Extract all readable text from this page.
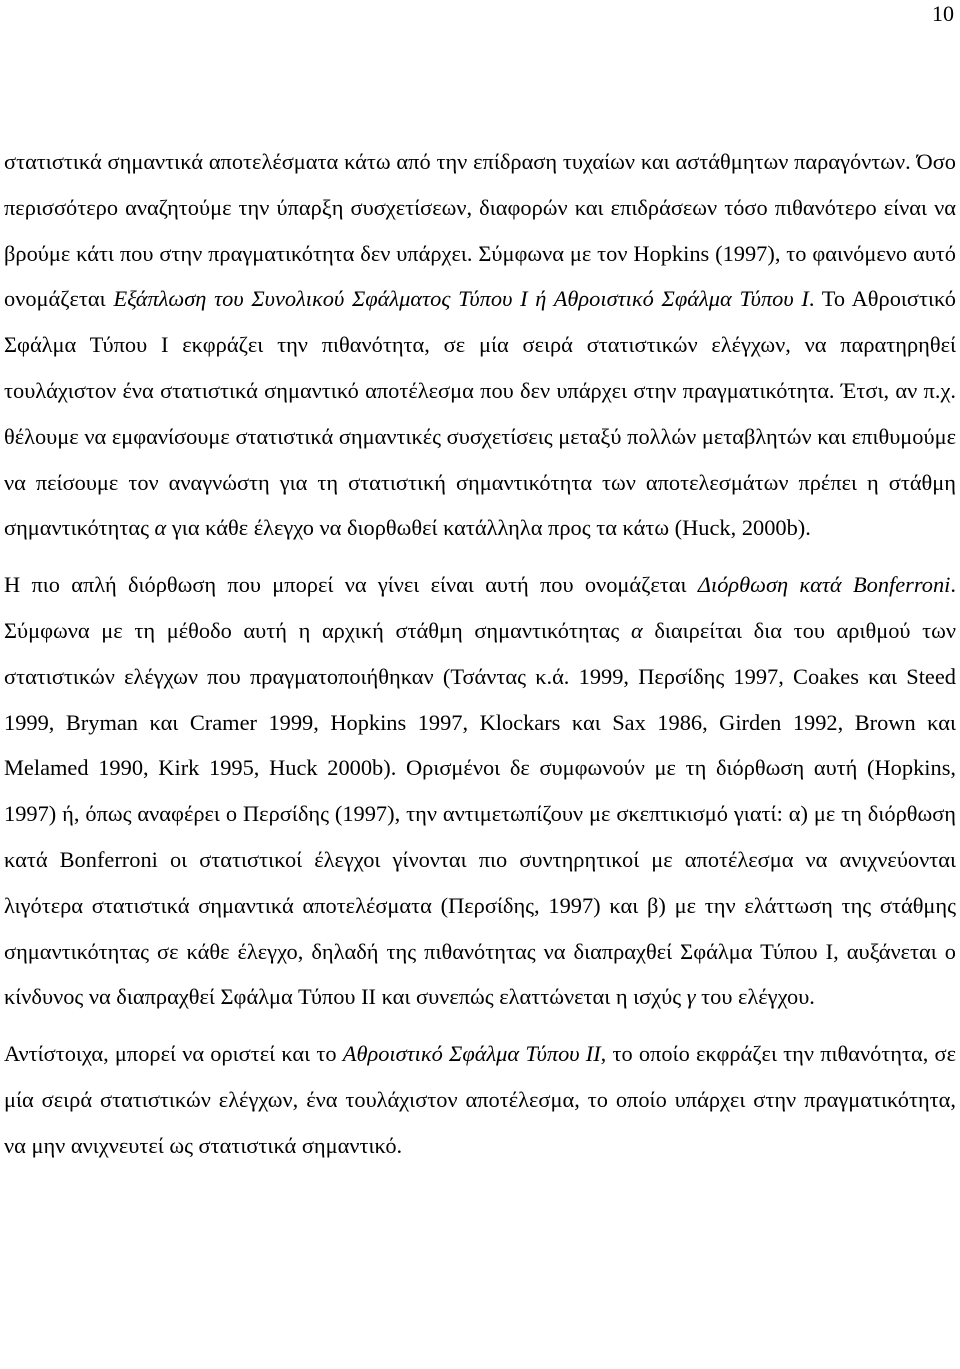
10

στατιστικά σημαντικά αποτελέσματα κάτω από την επίδραση τυχαίων και αστάθμητων παραγόντων. Όσο περισσότερο αναζητούμε την ύπαρξη συσχετίσεων, διαφορών και επιδράσεων τόσο πιθανότερο είναι να βρούμε κάτι που στην πραγματικότητα δεν υπάρχει. Σύμφωνα με τον Hopkins (1997), το φαινόμενο αυτό ονομάζεται Εξάπλωση του Συνολικού Σφάλματος Τύπου Ι ή Αθροιστικό Σφάλμα Τύπου Ι. Το Αθροιστικό Σφάλμα Τύπου Ι εκφράζει την πιθανότητα, σε μία σειρά στατιστικών ελέγχων, να παρατηρηθεί τουλάχιστον ένα στατιστικά σημαντικό αποτέλεσμα που δεν υπάρχει στην πραγματικότητα. Έτσι, αν π.χ. θέλουμε να εμφανίσουμε στατιστικά σημαντικές συσχετίσεις μεταξύ πολλών μεταβλητών και επιθυμούμε να πείσουμε τον αναγνώστη για τη στατιστική σημαντικότητα των αποτελεσμάτων πρέπει η στάθμη σημαντικότητας α για κάθε έλεγχο να διορθωθεί κατάλληλα προς τα κάτω (Huck, 2000b).

Η πιο απλή διόρθωση που μπορεί να γίνει είναι αυτή που ονομάζεται Διόρθωση κατά Bonferroni. Σύμφωνα με τη μέθοδο αυτή η αρχική στάθμη σημαντικότητας α διαιρείται δια του αριθμού των στατιστικών ελέγχων που πραγματοποιήθηκαν (Τσάντας κ.ά. 1999, Περσίδης 1997, Coakes και Steed 1999, Bryman και Cramer 1999, Hopkins 1997, Klockars και Sax 1986, Girden 1992, Brown και Melamed 1990, Kirk 1995, Huck 2000b). Ορισμένοι δε συμφωνούν με τη διόρθωση αυτή (Hopkins, 1997) ή, όπως αναφέρει ο Περσίδης (1997), την αντιμετωπίζουν με σκεπτικισμό γιατί: α) με τη διόρθωση κατά Bonferroni οι στατιστικοί έλεγχοι γίνονται πιο συντηρητικοί με αποτέλεσμα να ανιχνεύονται λιγότερα στατιστικά σημαντικά αποτελέσματα (Περσίδης, 1997) και β) με την ελάττωση της στάθμης σημαντικότητας σε κάθε έλεγχο, δηλαδή της πιθανότητας να διαπραχθεί Σφάλμα Τύπου Ι, αυξάνεται ο κίνδυνος να διαπραχθεί Σφάλμα Τύπου ΙΙ και συνεπώς ελαττώνεται η ισχύς γ του ελέγχου.

Αντίστοιχα, μπορεί να οριστεί και το Αθροιστικό Σφάλμα Τύπου ΙΙ, το οποίο εκφράζει την πιθανότητα, σε μία σειρά στατιστικών ελέγχων, ένα τουλάχιστον αποτέλεσμα, το οποίο υπάρχει στην πραγματικότητα, να μην ανιχνευτεί ως στατιστικά σημαντικό.
